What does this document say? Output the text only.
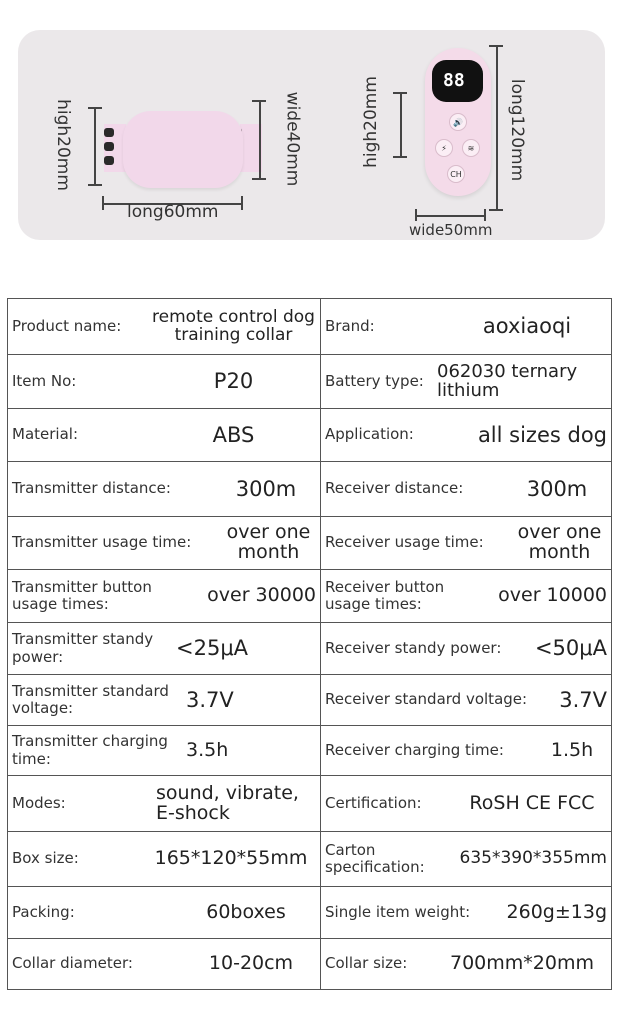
high20mm	wide40mm
long60mm
high20mm	88
🔊
⚡	≋
CH	long120mm
wide50mm
Product name: remote control dog training collar	Brand: aoxiaoqi

Item No: P20	Battery type: 062030 ternary lithium

Material: ABS	Application: all sizes dog

Transmitter distance: 300m	Receiver distance: 300m

Transmitter usage time: over one month	Receiver usage time: over one month

Transmitter button usage times: over 30000	Receiver button usage times: over 10000

Transmitter standy power: <25μA	Receiver standy power: <50μA

Transmitter standard voltage: 3.7V	Receiver standard voltage: 3.7V

Transmitter charging time: 3.5h	Receiver charging time: 1.5h

Modes: sound, vibrate, E-shock	Certification: RoSH CE FCC

Box size: 165*120*55mm	Carton specification: 635*390*355mm

Packing: 60boxes	Single item weight: 260g±13g

Collar diameter: 10-20cm	Collar size: 700mm*20mm
